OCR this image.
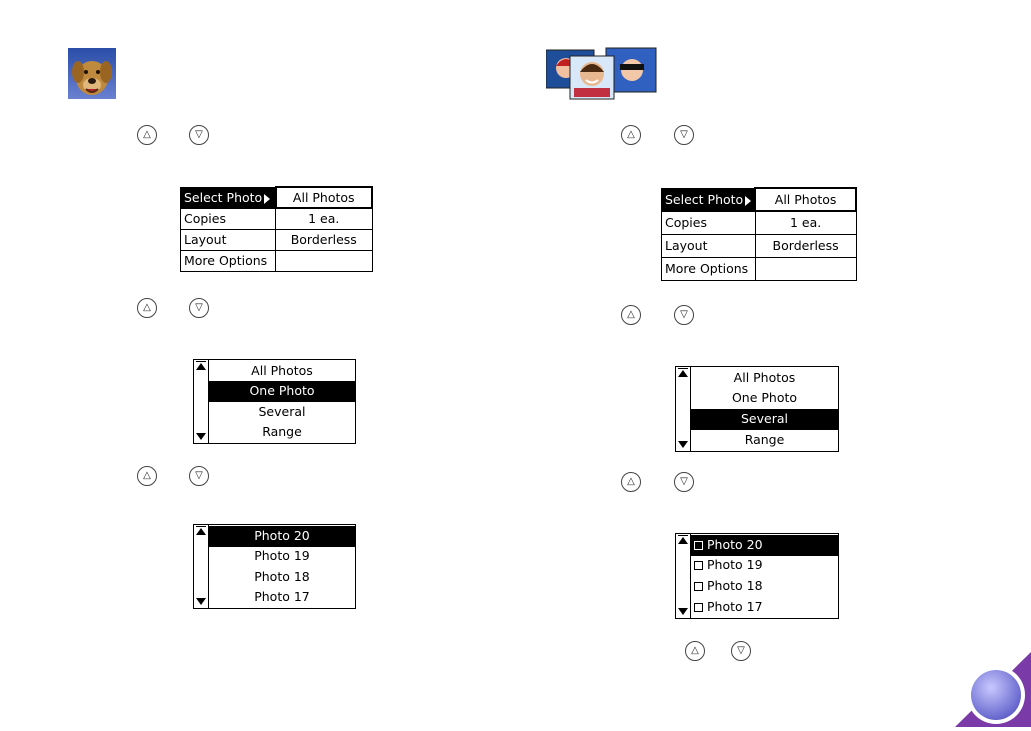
△	▽
Select Photo	All Photos
Copies	1 ea.
Layout	Borderless
More Options	
△	▽
All Photos
One Photo
Several
Range
△	▽
Photo 20
Photo 19
Photo 18
Photo 17
△	▽
Select Photo	All Photos
Copies	1 ea.
Layout	Borderless
More Options	
△	▽
All Photos
One Photo
Several
Range
△	▽
Photo 20
Photo 19
Photo 18
Photo 17
△	▽
